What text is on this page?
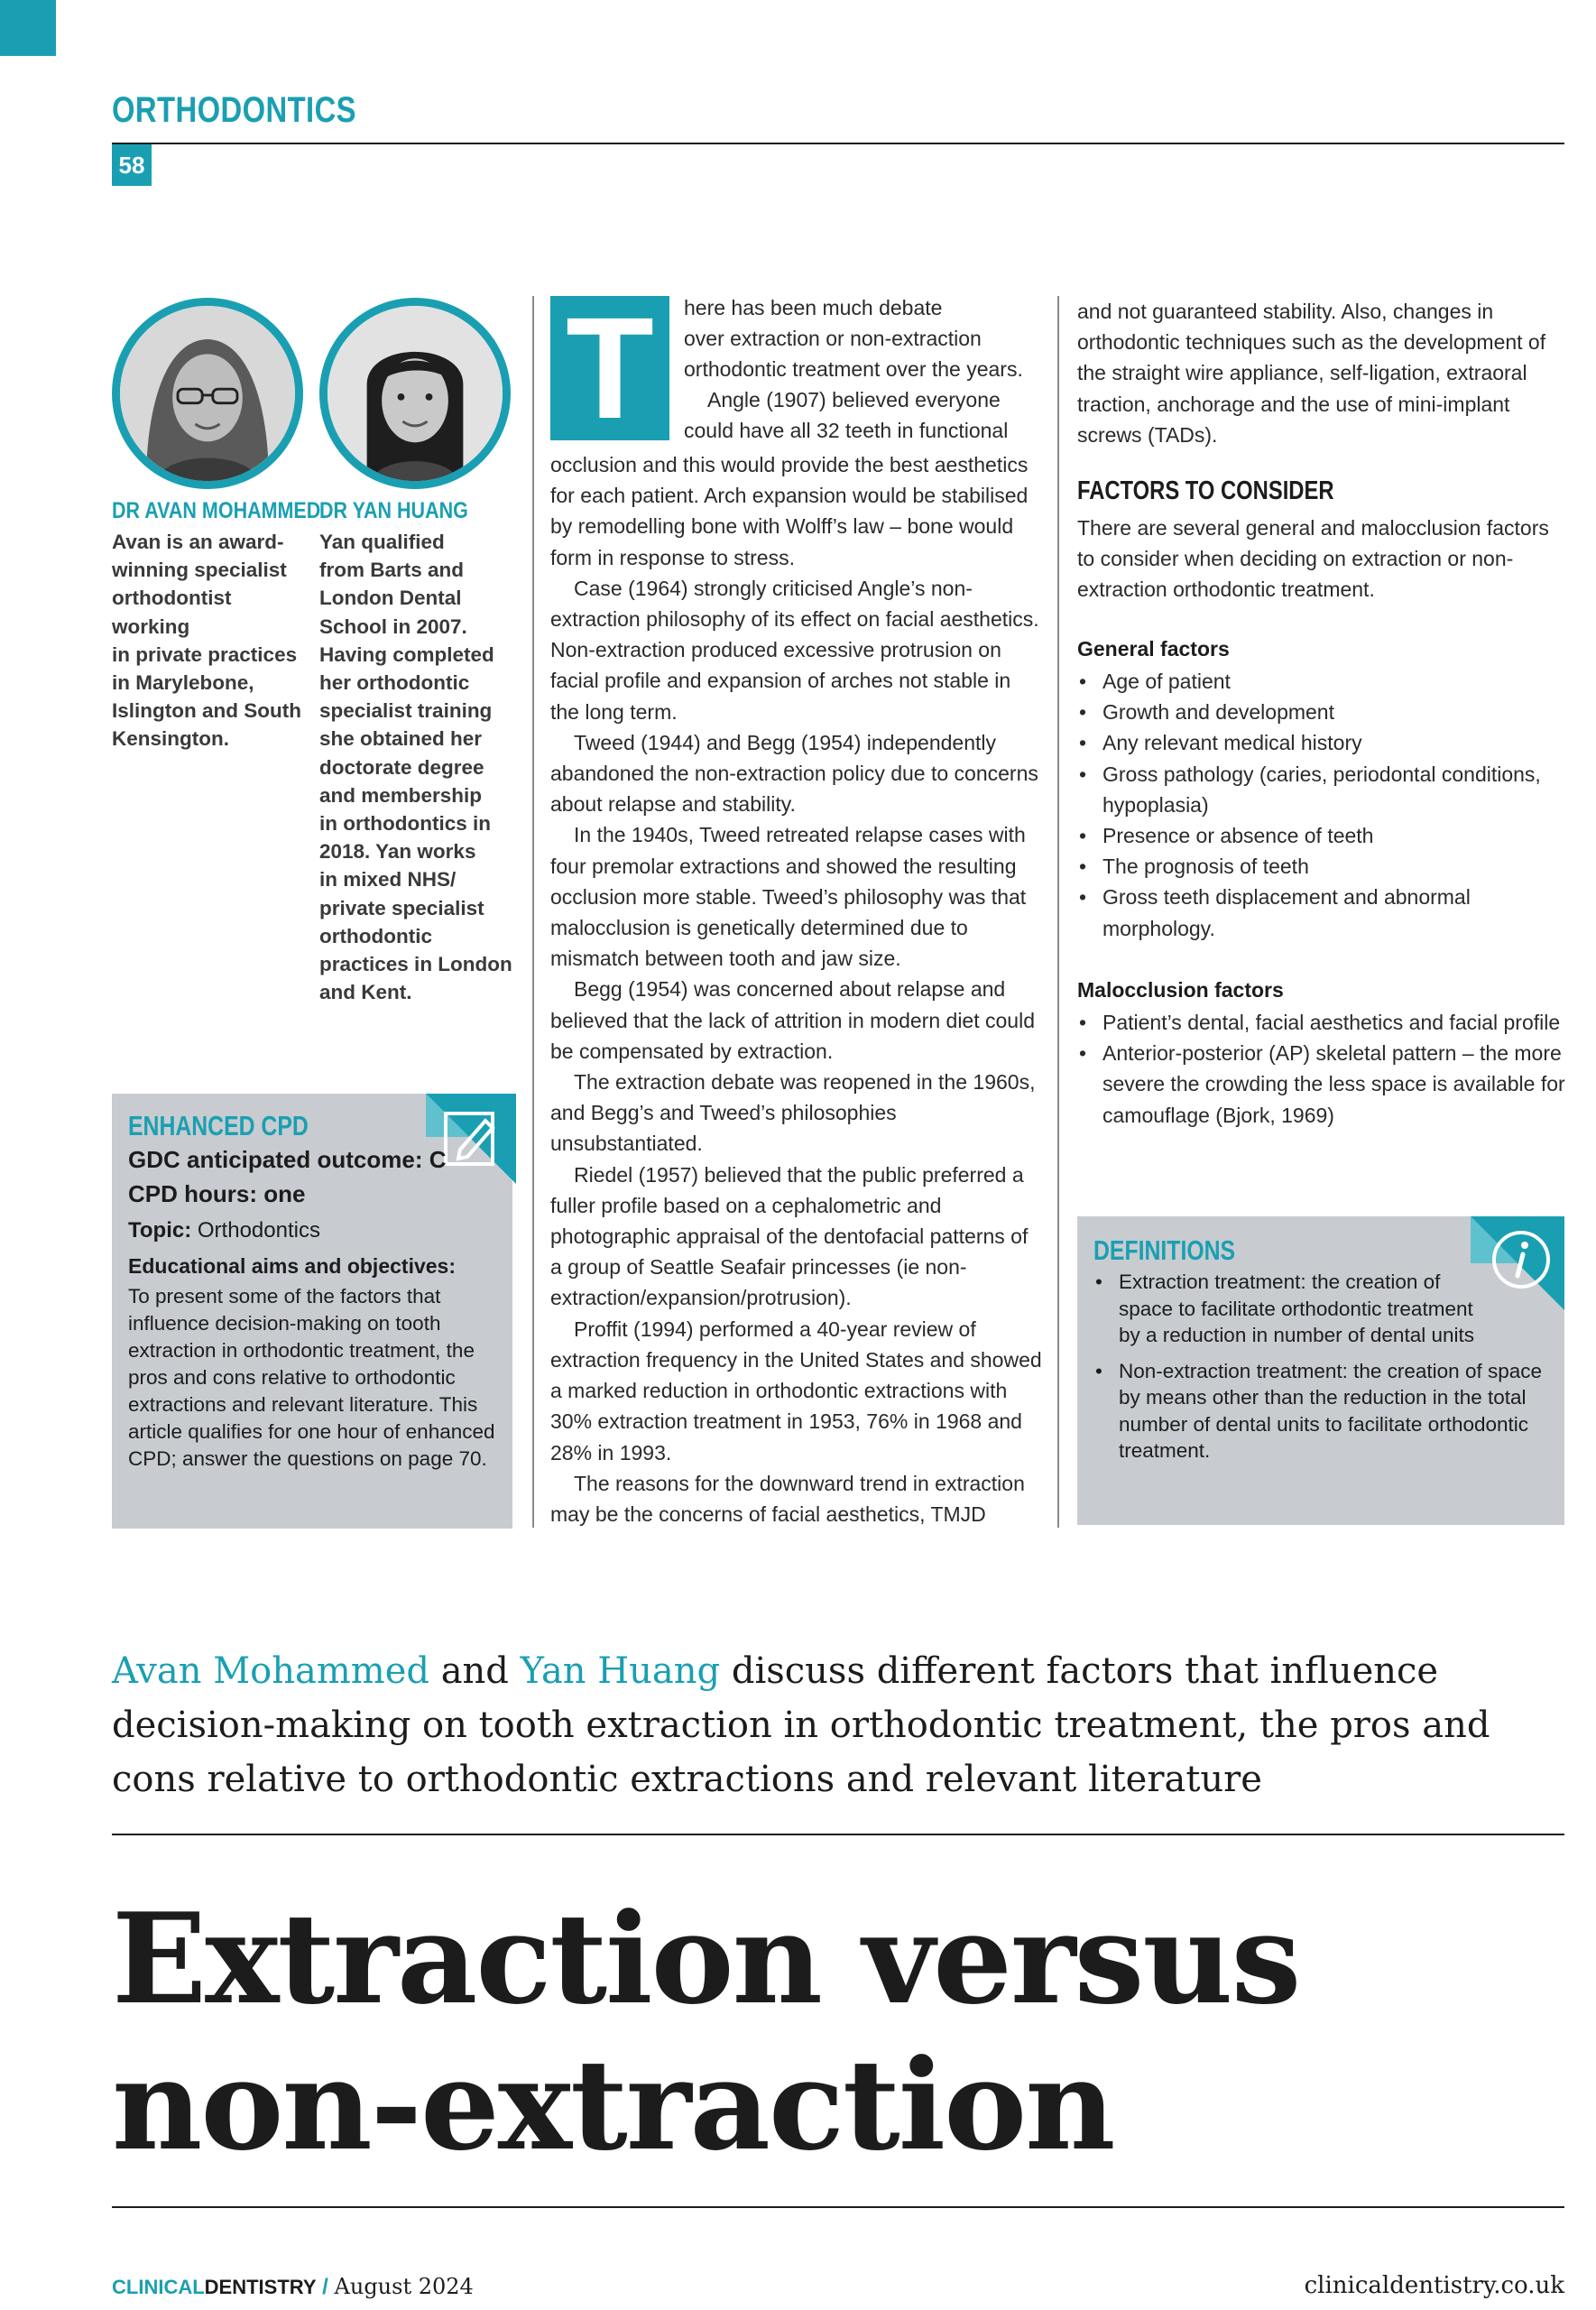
ORTHODONTICS
58
DR AVAN MOHAMMED
Avan is an award-
winning specialist
orthodontist working
in private practices
in Marylebone,
Islington and South
Kensington.
DR YAN HUANG
Yan qualified
from Barts and
London Dental
School in 2007.
Having completed
her orthodontic
specialist training
she obtained her
doctorate degree
and membership
in orthodontics in
2018. Yan works
in mixed NHS/
private specialist
orthodontic
practices in London
and Kent.
ENHANCED CPD
GDC anticipated outcome: C
CPD hours: one
Topic: Orthodontics
Educational aims and objectives:
To present some of the factors that influence decision-making on tooth extraction in orthodontic treatment, the pros and cons relative to orthodontic extractions and relevant literature. This article qualifies for one hour of enhanced CPD; answer the questions on page 70.
T	here has been much debate
over extraction or non-extraction
orthodontic treatment over the years.
Angle (1907) believed everyone
could have all 32 teeth in functional

occlusion and this would provide the best aesthetics for each patient. Arch expansion would be stabilised by remodelling bone with Wolff’s law – bone would form in response to stress.

Case (1964) strongly criticised Angle’s non-extraction philosophy of its effect on facial aesthetics. Non-extraction produced excessive protrusion on facial profile and expansion of arches not stable in the long term.

Tweed (1944) and Begg (1954) independently abandoned the non-extraction policy due to concerns about relapse and stability.

In the 1940s, Tweed retreated relapse cases with four premolar extractions and showed the resulting occlusion more stable. Tweed’s philosophy was that malocclusion is genetically determined due to mismatch between tooth and jaw size.

Begg (1954) was concerned about relapse and believed that the lack of attrition in modern diet could be compensated by extraction.

The extraction debate was reopened in the 1960s, and Begg’s and Tweed’s philosophies unsubstantiated.

Riedel (1957) believed that the public preferred a fuller profile based on a cephalometric and photographic appraisal of the dentofacial patterns of a group of Seattle Seafair princesses (ie non-extraction/expansion/protrusion).

Proffit (1994) performed a 40-year review of extraction frequency in the United States and showed a marked reduction in orthodontic extractions with 30% extraction treatment in 1953, 76% in 1968 and 28% in 1993.

The reasons for the downward trend in extraction may be the concerns of facial aesthetics, TMJD

and not guaranteed stability. Also, changes in orthodontic techniques such as the development of the straight wire appliance, self-ligation, extraoral traction, anchorage and the use of mini-implant screws (TADs).
FACTORS TO CONSIDER
There are several general and malocclusion factors to consider when deciding on extraction or non-extraction orthodontic treatment.
General factors
• Age of patient
• Growth and development
• Any relevant medical history
• Gross pathology (caries, periodontal conditions, hypoplasia)
• Presence or absence of teeth
• The prognosis of teeth
• Gross teeth displacement and abnormal morphology.
Malocclusion factors
• Patient’s dental, facial aesthetics and facial profile
• Anterior-posterior (AP) skeletal pattern – the more severe the crowding the less space is available for camouflage (Bjork, 1969)
DEFINITIONS
• Extraction treatment: the creation of space to facilitate orthodontic treatment by a reduction in number of dental units
• Non-extraction treatment: the creation of space by means other than the reduction in the total number of dental units to facilitate orthodontic treatment.
Avan Mohammed and Yan Huang discuss different factors that influence decision-making on tooth extraction in orthodontic treatment, the pros and cons relative to orthodontic extractions and relevant literature
Extraction versus
non-extraction
CLINICALDENTISTRY / August 2024	clinicaldentistry.co.uk
